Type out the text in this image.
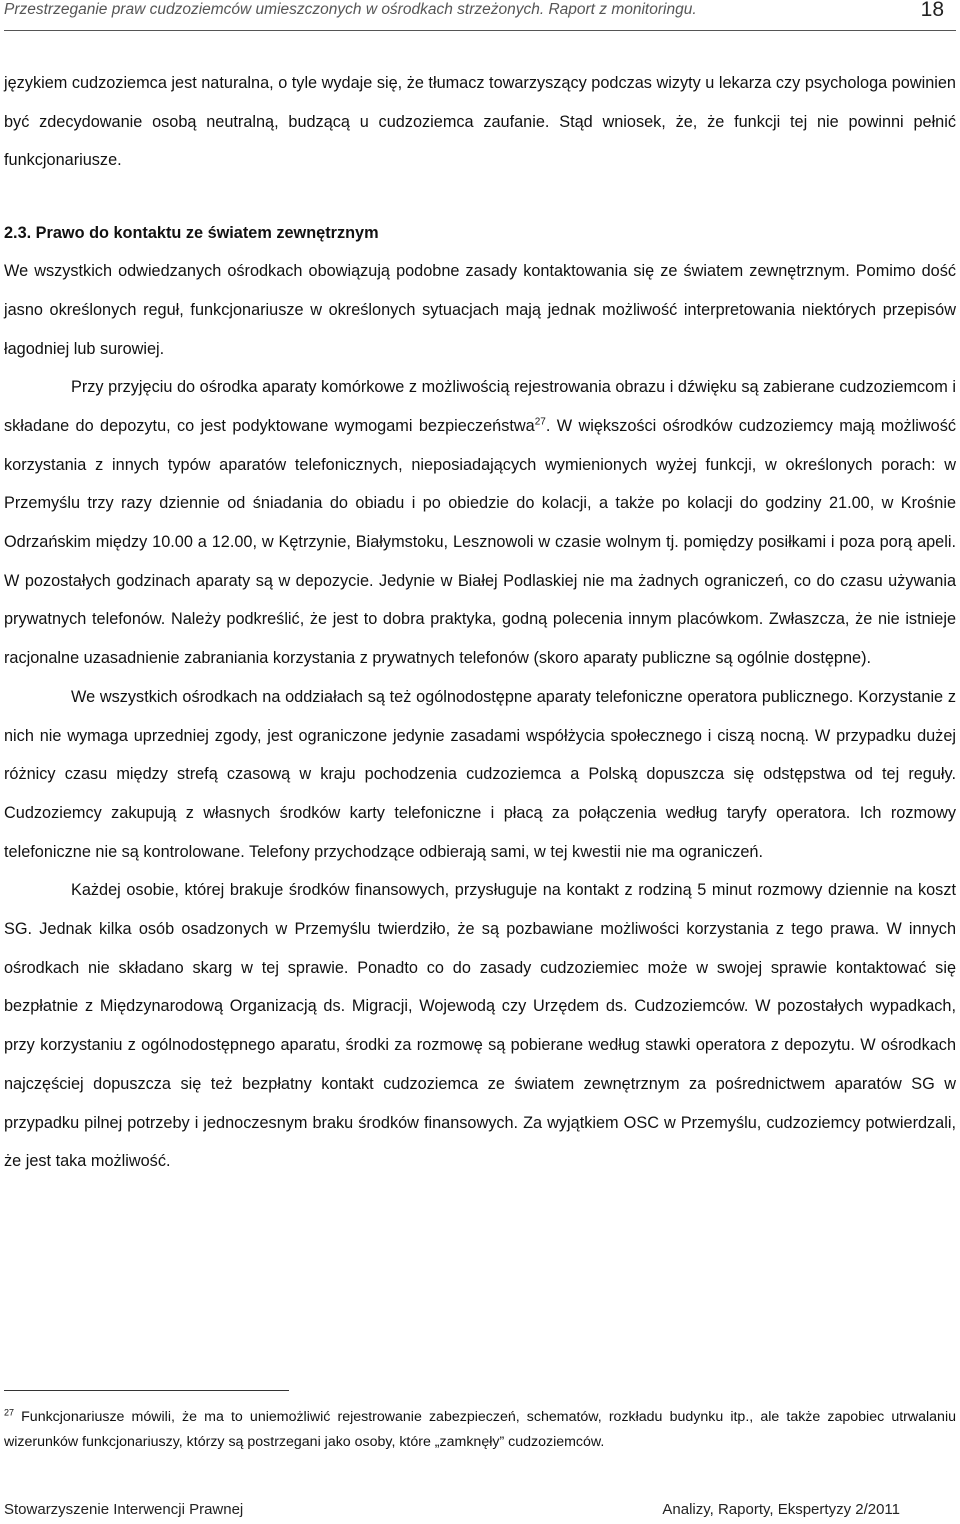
Przestrzeganie praw cudzoziemców umieszczonych w ośrodkach strzeżonych. Raport z monitoringu.	18

językiem cudzoziemca jest naturalna, o tyle wydaje się, że tłumacz towarzyszący podczas wizyty u lekarza czy psychologa powinien być zdecydowanie osobą neutralną, budzącą u cudzoziemca zaufanie. Stąd wniosek, że, że funkcji tej nie powinni pełnić funkcjonariusze.

2.3. Prawo do kontaktu ze światem zewnętrznym

We wszystkich odwiedzanych ośrodkach obowiązują podobne zasady kontaktowania się ze światem zewnętrznym. Pomimo dość jasno określonych reguł, funkcjonariusze w określonych sytuacjach mają jednak możliwość interpretowania niektórych przepisów łagodniej lub surowiej.

Przy przyjęciu do ośrodka aparaty komórkowe z możliwością rejestrowania obrazu i dźwięku są zabierane cudzoziemcom i składane do depozytu, co jest podyktowane wymogami bezpieczeństwa$^{27}$. W większości ośrodków cudzoziemcy mają możliwość korzystania z innych typów aparatów telefonicznych, nieposiadających wymienionych wyżej funkcji, w określonych porach: w Przemyślu trzy razy dziennie od śniadania do obiadu i po obiedzie do kolacji, a także po kolacji do godziny 21.00, w Krośnie Odrzańskim między 10.00 a 12.00, w Kętrzynie, Białymstoku, Lesznowoli w czasie wolnym tj. pomiędzy posiłkami i poza porą apeli. W pozostałych godzinach aparaty są w depozycie. Jedynie w Białej Podlaskiej nie ma żadnych ograniczeń, co do czasu używania prywatnych telefonów. Należy podkreślić, że jest to dobra praktyka, godną polecenia innym placówkom. Zwłaszcza, że nie istnieje racjonalne uzasadnienie zabraniania korzystania z prywatnych telefonów (skoro aparaty publiczne są ogólnie dostępne).

We wszystkich ośrodkach na oddziałach są też ogólnodostępne aparaty telefoniczne operatora publicznego. Korzystanie z nich nie wymaga uprzedniej zgody, jest ograniczone jedynie zasadami współżycia społecznego i ciszą nocną. W przypadku dużej różnicy czasu między strefą czasową w kraju pochodzenia cudzoziemca a Polską dopuszcza się odstępstwa od tej reguły. Cudzoziemcy zakupują z własnych środków karty telefoniczne i płacą za połączenia według taryfy operatora. Ich rozmowy telefoniczne nie są kontrolowane. Telefony przychodzące odbierają sami, w tej kwestii nie ma ograniczeń.

Każdej osobie, której brakuje środków finansowych, przysługuje na kontakt z rodziną 5 minut rozmowy dziennie na koszt SG. Jednak kilka osób osadzonych w Przemyślu twierdziło, że są pozbawiane możliwości korzystania z tego prawa. W innych ośrodkach nie składano skarg w tej sprawie. Ponadto co do zasady cudzoziemiec może w swojej sprawie kontaktować się bezpłatnie z Międzynarodową Organizacją ds. Migracji, Wojewodą czy Urzędem ds. Cudzoziemców. W pozostałych wypadkach, przy korzystaniu z ogólnodostępnego aparatu, środki za rozmowę są pobierane według stawki operatora z depozytu. W ośrodkach najczęściej dopuszcza się też bezpłatny kontakt cudzoziemca ze światem zewnętrznym za pośrednictwem aparatów SG w przypadku pilnej potrzeby i jednoczesnym braku środków finansowych. Za wyjątkiem OSC w Przemyślu, cudzoziemcy potwierdzali, że jest taka możliwość.

$^{27}$ Funkcjonariusze mówili, że ma to uniemożliwić rejestrowanie zabezpieczeń, schematów, rozkładu budynku itp., ale także zapobiec utrwalaniu wizerunków funkcjonariuszy, którzy są postrzegani jako osoby, które „zamknęły” cudzoziemców.

Stowarzyszenie Interwencji Prawnej	Analizy, Raporty, Ekspertyzy 2/2011
